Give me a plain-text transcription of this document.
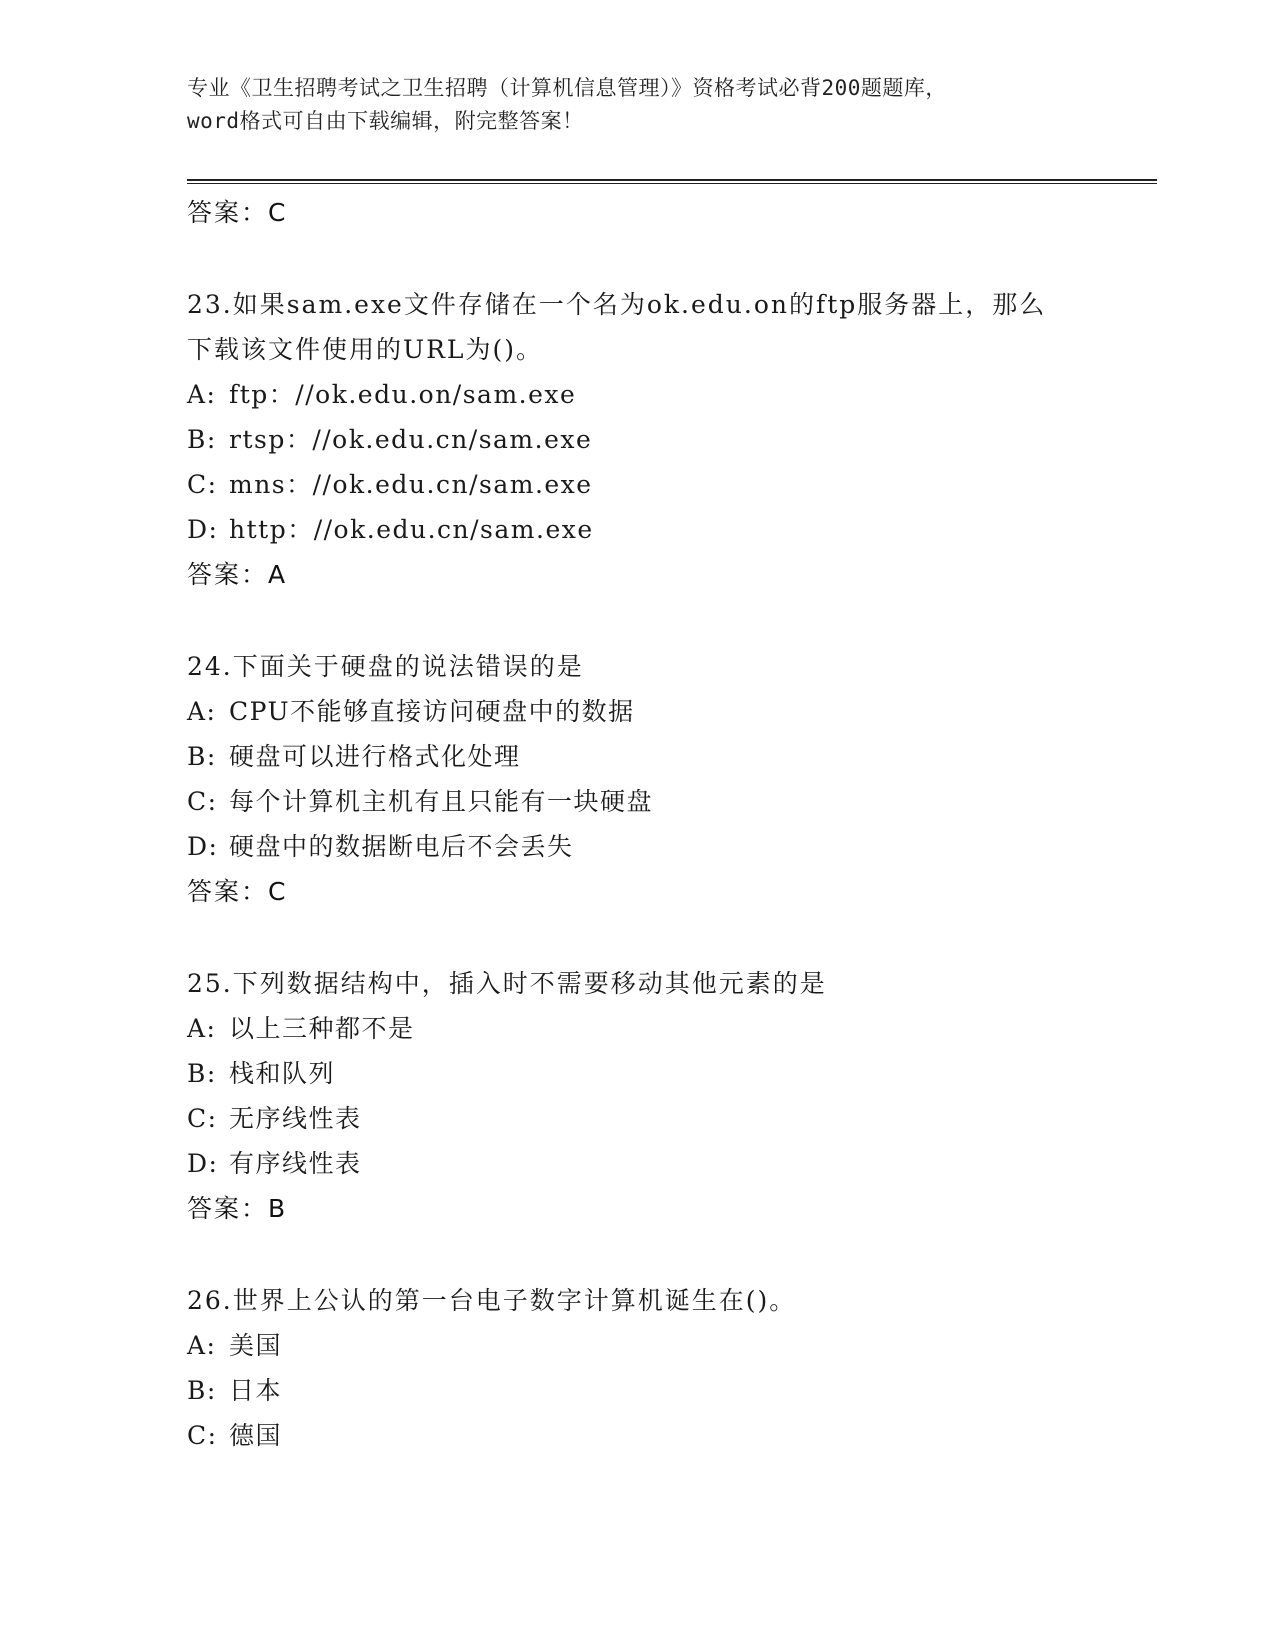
专业《卫生招聘考试之卫生招聘（计算机信息管理）》资格考试必背200题题库，
word格式可自由下载编辑，附完整答案！
答案：C
23.如果sam.exe文件存储在一个名为ok.edu.on的ftp服务器上，那么下载该文件使用的URL为()。
A: ftp：//ok.edu.on/sam.exe
B: rtsp：//ok.edu.cn/sam.exe
C: mns：//ok.edu.cn/sam.exe
D: http：//ok.edu.cn/sam.exe
答案：A
24.下面关于硬盘的说法错误的是
A: CPU不能够直接访问硬盘中的数据
B: 硬盘可以进行格式化处理
C: 每个计算机主机有且只能有一块硬盘
D: 硬盘中的数据断电后不会丢失
答案：C
25.下列数据结构中，插入时不需要移动其他元素的是
A: 以上三种都不是
B: 栈和队列
C: 无序线性表
D: 有序线性表
答案：B
26.世界上公认的第一台电子数字计算机诞生在()。
A: 美国
B: 日本
C: 德国
